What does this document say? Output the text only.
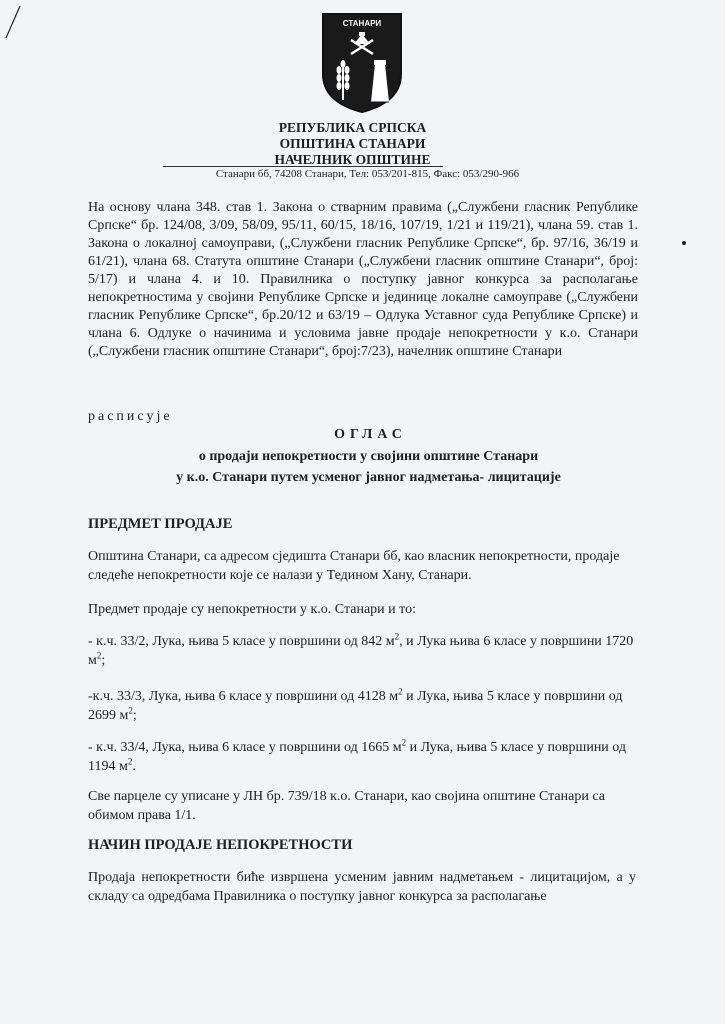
СТАНАРИ
РЕПУБЛИКА СРПСКА
ОПШТИНА СТАНАРИ
НАЧЕЛНИК ОПШТИНЕ
Станари бб, 74208 Станари, Тел: 053/201-815, Факс: 053/290-966
На основу члана 348. став 1. Закона о стварним правима („Службени гласник Републике Српске“ бр. 124/08, 3/09, 58/09, 95/11, 60/15, 18/16, 107/19, 1/21 и 119/21), члана 59. став 1. Закона о локалној самоуправи, („Службени гласник Републике Српске“, бр. 97/16, 36/19 и 61/21), члана 68. Статута општине Станари („Службени гласник општине Станари“, број: 5/17) и члана 4. и 10. Правилника о поступку јавног конкурса за располагање непокретностима у својини Републике Српске и јединице локалне самоуправе („Службени гласник Републике Српске“, бр.20/12 и 63/19 – Одлука Уставног суда Републике Српске) и члана 6. Одлуке о начинима и условима јавне продаје непокретности у к.о. Станари („Службени гласник општине Станари“, број:7/23), начелник општине Станари
расписује
ОГЛАС
о продаји непокретности у својини општине Станари
у к.о. Станари путем усменог јавног надметања- лицитације
ПРЕДМЕТ ПРОДАЈЕ
Општина Станари, са адресом сједишта Станари бб, као власник непокретности, продаје следеће непокретности које се налази у Тедином Хану, Станари.
Предмет продаје су непокретности у к.о. Станари и то:
- к.ч. 33/2, Лука, њива 5 класе у површини од 842 $м^2$, и Лука њива 6 класе у површини 1720 $м^2$;
-к.ч. 33/3, Лука, њива 6 класе у површини од 4128 $м^2$ и Лука, њива 5 класе у површини од 2699 $м^2$;
- к.ч. 33/4, Лука, њива 6 класе у површини од 1665 $м^2$ и Лука, њива 5 класе у површини од 1194 $м^2$.
Све парцеле су уписане у ЛН бр. 739/18 к.о. Станари, као својина општине Станари са обимом права 1/1.
НАЧИН ПРОДАЈЕ НЕПОКРЕТНОСТИ
Продаја непокретности биће извршена усменим јавним надметањем - лицитацијом, а у складу са одредбама Правилника о поступку јавног конкурса за располагање
